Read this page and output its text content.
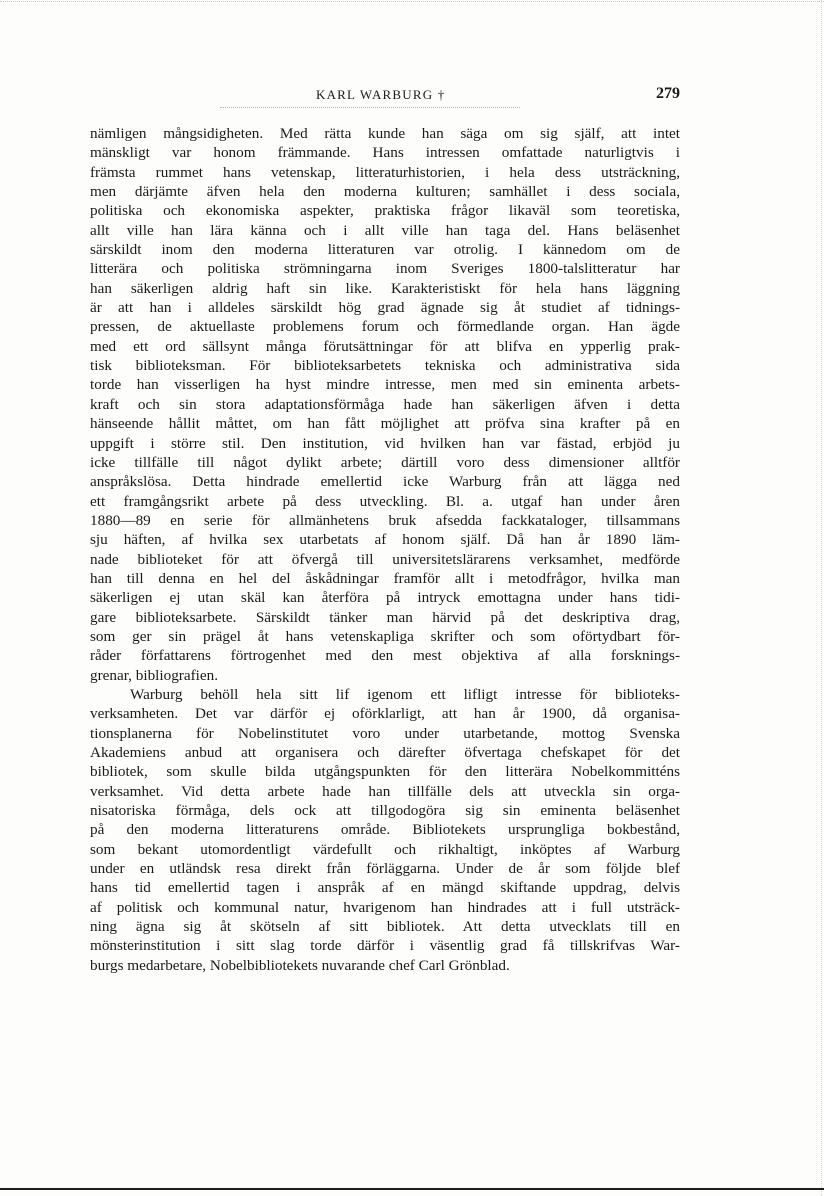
KARL WARBURG †	279
nämligen mångsidigheten. Med rätta kunde han säga om sig själf, att intet
mänskligt var honom främmande. Hans intressen omfattade naturligtvis i
främsta rummet hans vetenskap, litteraturhistorien, i hela dess utsträckning,
men därjämte äfven hela den moderna kulturen; samhället i dess sociala,
politiska och ekonomiska aspekter, praktiska frågor likaväl som teoretiska,
allt ville han lära känna och i allt ville han taga del. Hans beläsenhet
särskildt inom den moderna litteraturen var otrolig. I kännedom om de
litterära och politiska strömningarna inom Sveriges 1800-talslitteratur har
han säkerligen aldrig haft sin like. Karakteristiskt för hela hans läggning
är att han i alldeles särskildt hög grad ägnade sig åt studiet af tidnings-
pressen, de aktuellaste problemens forum och förmedlande organ. Han ägde
med ett ord sällsynt många förutsättningar för att blifva en ypperlig prak-
tisk biblioteksman. För biblioteksarbetets tekniska och administrativa sida
torde han visserligen ha hyst mindre intresse, men med sin eminenta arbets-
kraft och sin stora adaptationsförmåga hade han säkerligen äfven i detta
hänseende hållit måttet, om han fått möjlighet att pröfva sina krafter på en
uppgift i större stil. Den institution, vid hvilken han var fästad, erbjöd ju
icke tillfälle till något dylikt arbete; därtill voro dess dimensioner alltför
anspråkslösa. Detta hindrade emellertid icke Warburg från att lägga ned
ett framgångsrikt arbete på dess utveckling. Bl. a. utgaf han under åren
1880—89 en serie för allmänhetens bruk afsedda fackkataloger, tillsammans
sju häften, af hvilka sex utarbetats af honom själf. Då han år 1890 läm-
nade biblioteket för att öfvergå till universitetslärarens verksamhet, medförde
han till denna en hel del åskådningar framför allt i metodfrågor, hvilka man
säkerligen ej utan skäl kan återföra på intryck emottagna under hans tidi-
gare biblioteksarbete. Särskildt tänker man härvid på det deskriptiva drag,
som ger sin prägel åt hans vetenskapliga skrifter och som oförtydbart för-
råder författarens förtrogenhet med den mest objektiva af alla forsknings-
grenar, bibliografien.
Warburg behöll hela sitt lif igenom ett lifligt intresse för biblioteks-
verksamheten. Det var därför ej oförklarligt, att han år 1900, då organisa-
tionsplanerna för Nobelinstitutet voro under utarbetande, mottog Svenska
Akademiens anbud att organisera och därefter öfvertaga chefskapet för det
bibliotek, som skulle bilda utgångspunkten för den litterära Nobelkommitténs
verksamhet. Vid detta arbete hade han tillfälle dels att utveckla sin orga-
nisatoriska förmåga, dels ock att tillgodogöra sig sin eminenta beläsenhet
på den moderna litteraturens område. Bibliotekets ursprungliga bokbestånd,
som bekant utomordentligt värdefullt och rikhaltigt, inköptes af Warburg
under en utländsk resa direkt från förläggarna. Under de år som följde blef
hans tid emellertid tagen i anspråk af en mängd skiftande uppdrag, delvis
af politisk och kommunal natur, hvarigenom han hindrades att i full utsträck-
ning ägna sig åt skötseln af sitt bibliotek. Att detta utvecklats till en
mönsterinstitution i sitt slag torde därför i väsentlig grad få tillskrifvas War-
burgs medarbetare, Nobelbibliotekets nuvarande chef Carl Grönblad.
